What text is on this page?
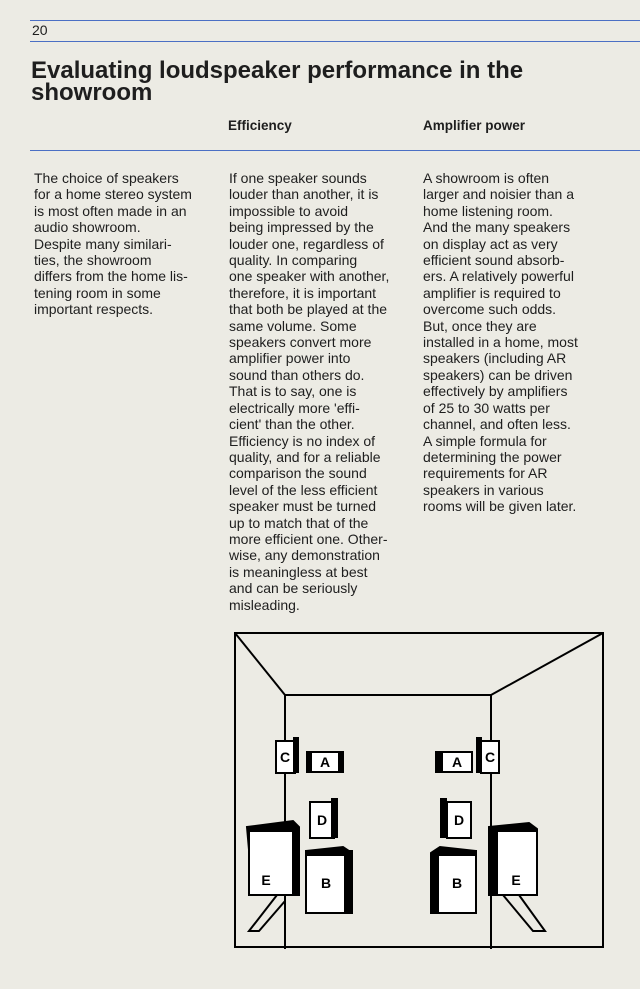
20
Evaluating loudspeaker performance in the showroom
Efficiency	Amplifier power

The choice of speakers
for a home stereo system
is most often made in an
audio showroom.
Despite many similari-
ties, the showroom
differs from the home lis-
tening room in some
important respects.

If one speaker sounds
louder than another, it is
impossible to avoid
being impressed by the
louder one, regardless of
quality. In comparing
one speaker with another,
therefore, it is important
that both be played at the
same volume. Some
speakers convert more
amplifier power into
sound than others do.
That is to say, one is
electrically more 'effi-
cient' than the other.
Efficiency is no index of
quality, and for a reliable
comparison the sound
level of the less efficient
speaker must be turned
up to match that of the
more efficient one. Other-
wise, any demonstration
is meaningless at best
and can be seriously
misleading.

A showroom is often
larger and noisier than a
home listening room.
And the many speakers
on display act as very
efficient sound absorb-
ers. A relatively powerful
amplifier is required to
overcome such odds.
But, once they are
installed in a home, most
speakers (including AR
speakers) can be driven
effectively by amplifiers
of 25 to 30 watts per
channel, and often less.
A simple formula for
determining the power
requirements for AR
speakers in various
rooms will be given later.

C A
D
E	B
A C
D
B	E
